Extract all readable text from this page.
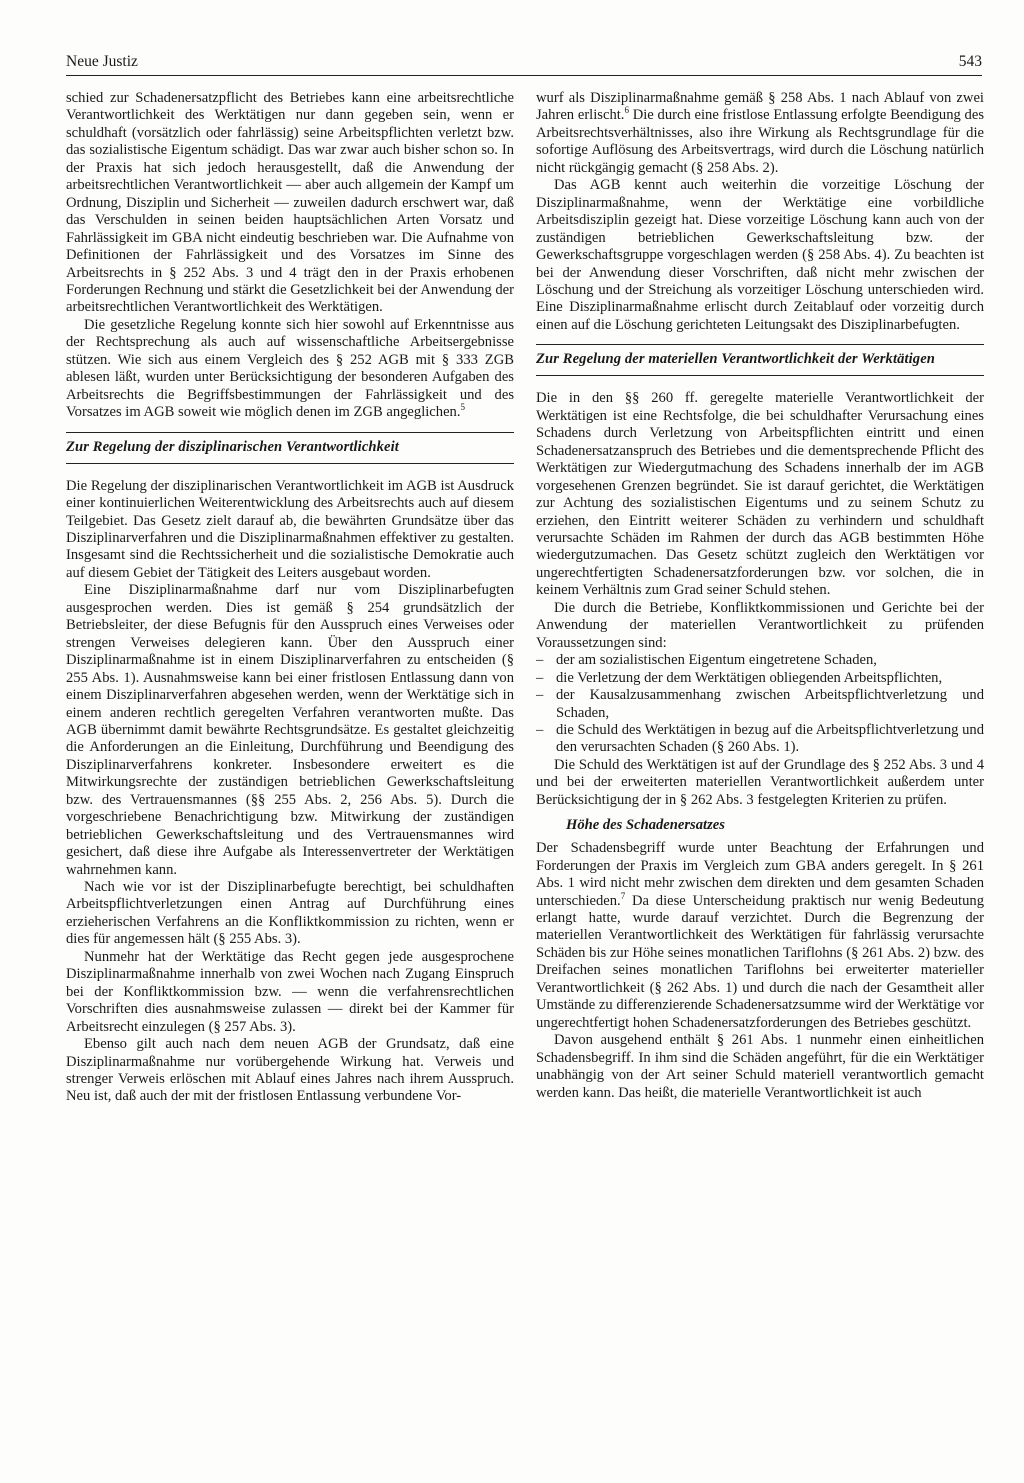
Neue Justiz	543

schied zur Schadenersatzpflicht des Betriebes kann eine arbeitsrechtliche Verantwortlichkeit des Werktätigen nur dann gegeben sein, wenn er schuldhaft (vorsätzlich oder fahrlässig) seine Arbeitspflichten verletzt bzw. das sozialistische Eigentum schädigt. Das war zwar auch bisher schon so. In der Praxis hat sich jedoch herausgestellt, daß die Anwendung der arbeitsrechtlichen Verantwortlichkeit — aber auch allgemein der Kampf um Ordnung, Disziplin und Sicherheit — zuweilen dadurch erschwert war, daß das Verschulden in seinen beiden hauptsächlichen Arten Vorsatz und Fahrlässigkeit im GBA nicht eindeutig beschrieben war. Die Aufnahme von Definitionen der Fahrlässigkeit und des Vorsatzes im Sinne des Arbeitsrechts in § 252 Abs. 3 und 4 trägt den in der Praxis erhobenen Forderungen Rechnung und stärkt die Gesetzlichkeit bei der Anwendung der arbeitsrechtlichen Verantwortlichkeit des Werktätigen.

Die gesetzliche Regelung konnte sich hier sowohl auf Erkenntnisse aus der Rechtsprechung als auch auf wissenschaftliche Arbeitsergebnisse stützen. Wie sich aus einem Vergleich des § 252 AGB mit § 333 ZGB ablesen läßt, wurden unter Berücksichtigung der besonderen Aufgaben des Arbeitsrechts die Begriffsbestimmungen der Fahrlässigkeit und des Vorsatzes im AGB soweit wie möglich denen im ZGB angeglichen.$^5$

Zur Regelung der disziplinarischen Verantwortlichkeit

Die Regelung der disziplinarischen Verantwortlichkeit im AGB ist Ausdruck einer kontinuierlichen Weiterentwicklung des Arbeitsrechts auch auf diesem Teilgebiet. Das Gesetz zielt darauf ab, die bewährten Grundsätze über das Disziplinarverfahren und die Disziplinarmaßnahmen effektiver zu gestalten. Insgesamt sind die Rechtssicherheit und die sozialistische Demokratie auch auf diesem Gebiet der Tätigkeit des Leiters ausgebaut worden.

Eine Disziplinarmaßnahme darf nur vom Disziplinarbefugten ausgesprochen werden. Dies ist gemäß § 254 grundsätzlich der Betriebsleiter, der diese Befugnis für den Ausspruch eines Verweises oder strengen Verweises delegieren kann. Über den Ausspruch einer Disziplinarmaßnahme ist in einem Disziplinarverfahren zu entscheiden (§ 255 Abs. 1). Ausnahmsweise kann bei einer fristlosen Entlassung dann von einem Disziplinarverfahren abgesehen werden, wenn der Werktätige sich in einem anderen rechtlich geregelten Verfahren verantworten mußte. Das AGB übernimmt damit bewährte Rechtsgrundsätze. Es gestaltet gleichzeitig die Anforderungen an die Einleitung, Durchführung und Beendigung des Disziplinarverfahrens konkreter. Insbesondere erweitert es die Mitwirkungsrechte der zuständigen betrieblichen Gewerkschaftsleitung bzw. des Vertrauensmannes (§§ 255 Abs. 2, 256 Abs. 5). Durch die vorgeschriebene Benachrichtigung bzw. Mitwirkung der zuständigen betrieblichen Gewerkschaftsleitung und des Vertrauensmannes wird gesichert, daß diese ihre Aufgabe als Interessenvertreter der Werktätigen wahrnehmen kann.

Nach wie vor ist der Disziplinarbefugte berechtigt, bei schuldhaften Arbeitspflichtverletzungen einen Antrag auf Durchführung eines erzieherischen Verfahrens an die Konfliktkommission zu richten, wenn er dies für angemessen hält (§ 255 Abs. 3).

Nunmehr hat der Werktätige das Recht gegen jede ausgesprochene Disziplinarmaßnahme innerhalb von zwei Wochen nach Zugang Einspruch bei der Konfliktkommission bzw. — wenn die verfahrensrechtlichen Vorschriften dies ausnahmsweise zulassen — direkt bei der Kammer für Arbeitsrecht einzulegen (§ 257 Abs. 3).

Ebenso gilt auch nach dem neuen AGB der Grundsatz, daß eine Disziplinarmaßnahme nur vorübergehende Wirkung hat. Verweis und strenger Verweis erlöschen mit Ablauf eines Jahres nach ihrem Ausspruch. Neu ist, daß auch der mit der fristlosen Entlassung verbundene Vor-

wurf als Disziplinarmaßnahme gemäß § 258 Abs. 1 nach Ablauf von zwei Jahren erlischt.$^6$ Die durch eine fristlose Entlassung erfolgte Beendigung des Arbeitsrechtsverhältnisses, also ihre Wirkung als Rechtsgrundlage für die sofortige Auflösung des Arbeitsvertrags, wird durch die Löschung natürlich nicht rückgängig gemacht (§ 258 Abs. 2).

Das AGB kennt auch weiterhin die vorzeitige Löschung der Disziplinarmaßnahme, wenn der Werktätige eine vorbildliche Arbeitsdisziplin gezeigt hat. Diese vorzeitige Löschung kann auch von der zuständigen betrieblichen Gewerkschaftsleitung bzw. der Gewerkschaftsgruppe vorgeschlagen werden (§ 258 Abs. 4). Zu beachten ist bei der Anwendung dieser Vorschriften, daß nicht mehr zwischen der Löschung und der Streichung als vorzeitiger Löschung unterschieden wird. Eine Disziplinarmaßnahme erlischt durch Zeitablauf oder vorzeitig durch einen auf die Löschung gerichteten Leitungsakt des Disziplinarbefugten.

Zur Regelung der materiellen Verantwortlichkeit der Werktätigen

Die in den §§ 260 ff. geregelte materielle Verantwortlichkeit der Werktätigen ist eine Rechtsfolge, die bei schuldhafter Verursachung eines Schadens durch Verletzung von Arbeitspflichten eintritt und einen Schadenersatzanspruch des Betriebes und die dementsprechende Pflicht des Werktätigen zur Wiedergutmachung des Schadens innerhalb der im AGB vorgesehenen Grenzen begründet. Sie ist darauf gerichtet, die Werktätigen zur Achtung des sozialistischen Eigentums und zu seinem Schutz zu erziehen, den Eintritt weiterer Schäden zu verhindern und schuldhaft verursachte Schäden im Rahmen der durch das AGB bestimmten Höhe wiedergutzumachen. Das Gesetz schützt zugleich den Werktätigen vor ungerechtfertigten Schadenersatzforderungen bzw. vor solchen, die in keinem Verhältnis zum Grad seiner Schuld stehen.

Die durch die Betriebe, Konfliktkommissionen und Gerichte bei der Anwendung der materiellen Verantwortlichkeit zu prüfenden Voraussetzungen sind:

– der am sozialistischen Eigentum eingetretene Schaden,
– die Verletzung der dem Werktätigen obliegenden Arbeitspflichten,
– der Kausalzusammenhang zwischen Arbeitspflichtverletzung und Schaden,
– die Schuld des Werktätigen in bezug auf die Arbeitspflichtverletzung und den verursachten Schaden (§ 260 Abs. 1).

Die Schuld des Werktätigen ist auf der Grundlage des § 252 Abs. 3 und 4 und bei der erweiterten materiellen Verantwortlichkeit außerdem unter Berücksichtigung der in § 262 Abs. 3 festgelegten Kriterien zu prüfen.

Höhe des Schadenersatzes

Der Schadensbegriff wurde unter Beachtung der Erfahrungen und Forderungen der Praxis im Vergleich zum GBA anders geregelt. In § 261 Abs. 1 wird nicht mehr zwischen dem direkten und dem gesamten Schaden unterschieden.$^7$ Da diese Unterscheidung praktisch nur wenig Bedeutung erlangt hatte, wurde darauf verzichtet. Durch die Begrenzung der materiellen Verantwortlichkeit des Werktätigen für fahrlässig verursachte Schäden bis zur Höhe seines monatlichen Tariflohns (§ 261 Abs. 2) bzw. des Dreifachen seines monatlichen Tariflohns bei erweiterter materieller Verantwortlichkeit (§ 262 Abs. 1) und durch die nach der Gesamtheit aller Umstände zu differenzierende Schadenersatzsumme wird der Werktätige vor ungerechtfertigt hohen Schadenersatzforderungen des Betriebes geschützt.

Davon ausgehend enthält § 261 Abs. 1 nunmehr einen einheitlichen Schadensbegriff. In ihm sind die Schäden angeführt, für die ein Werktätiger unabhängig von der Art seiner Schuld materiell verantwortlich gemacht werden kann. Das heißt, die materielle Verantwortlichkeit ist auch
